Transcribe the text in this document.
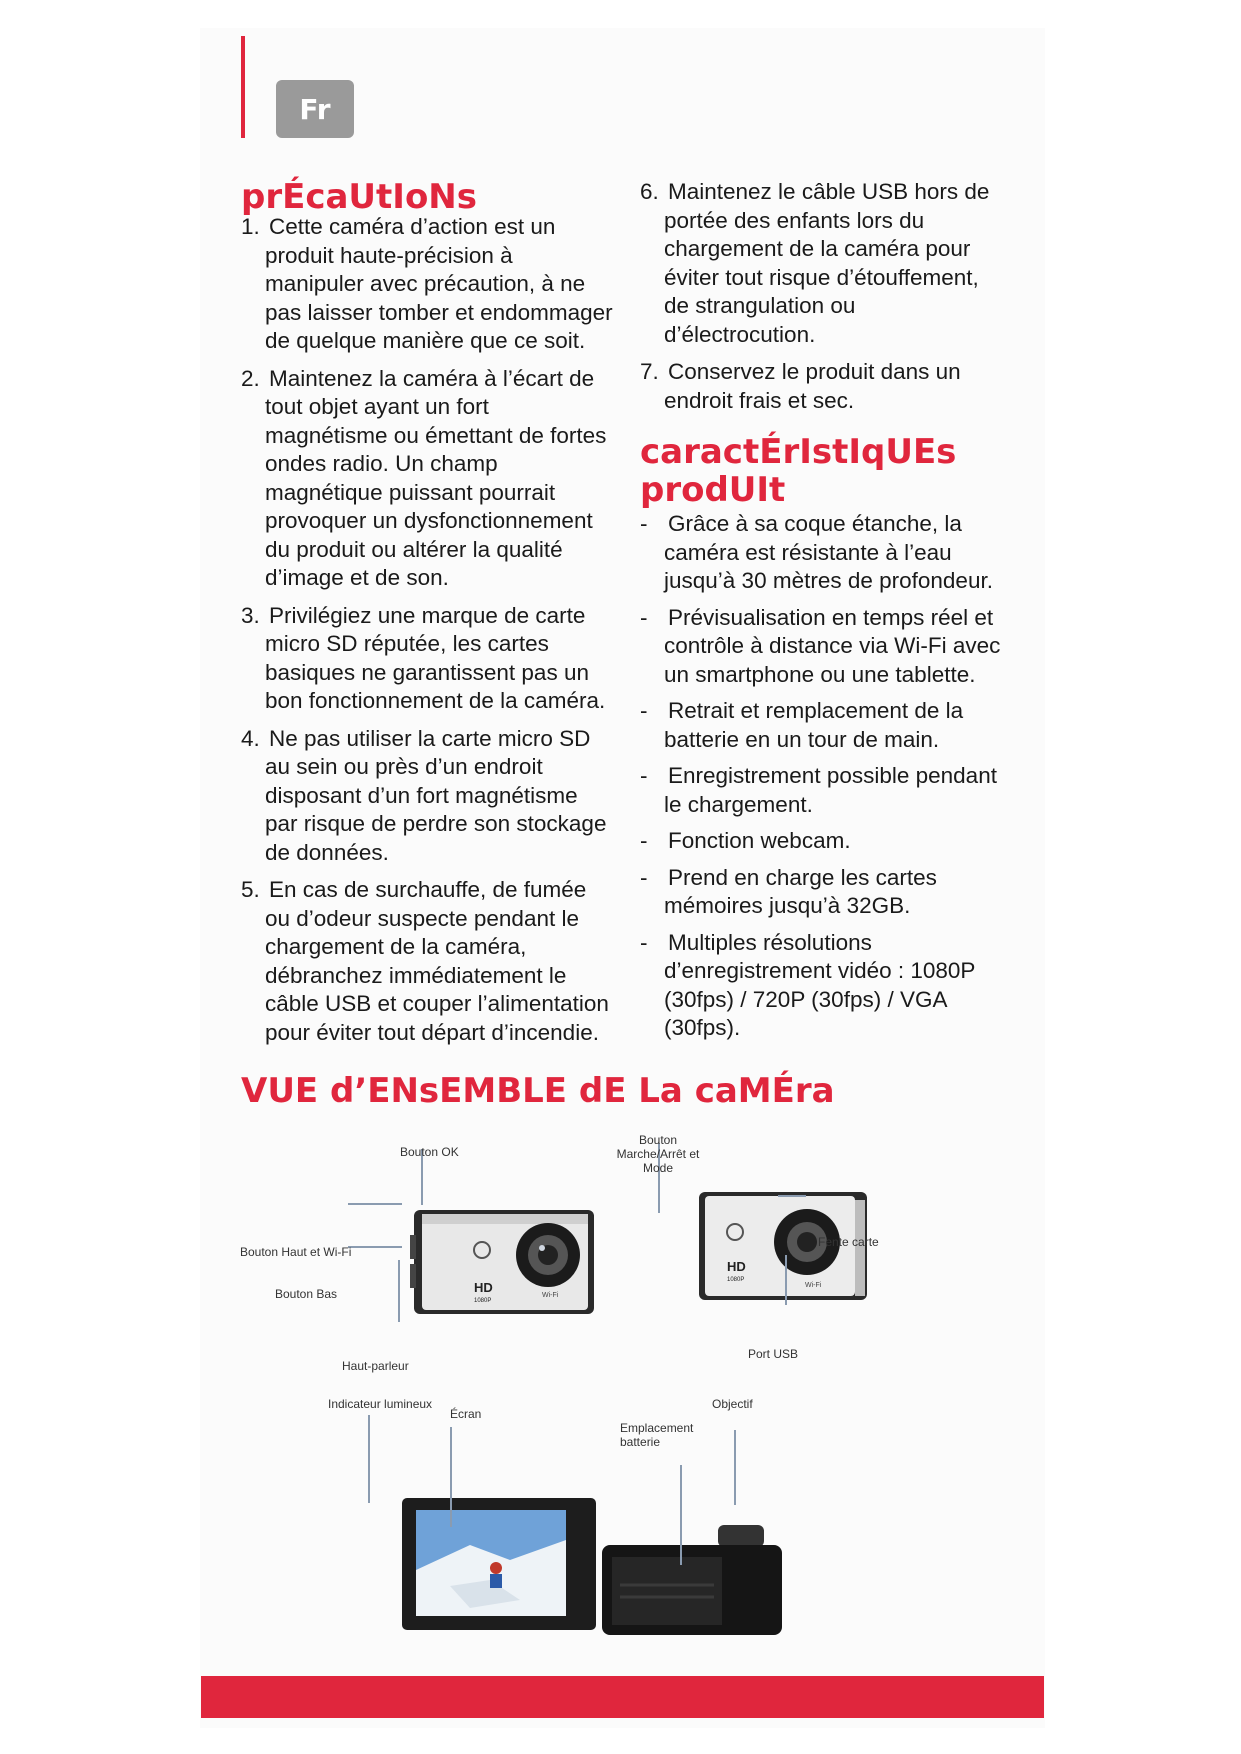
Fr
prÉcaUtIoNs
1. Cette caméra d’action est un produit haute-précision à manipuler avec précaution, à ne pas laisser tomber et endommager de quelque manière que ce soit.
2. Maintenez la caméra à l’écart de tout objet ayant un fort magnétisme ou émettant de fortes ondes radio. Un champ magnétique puissant pourrait provoquer un dysfonctionnement du produit ou altérer la qualité d’image et de son.
3. Privilégiez une marque de carte micro SD réputée, les cartes basiques ne garantissent pas un bon fonctionnement de la caméra.
4. Ne pas utiliser la carte micro SD au sein ou près d’un endroit disposant d’un fort magnétisme par risque de perdre son stockage de données.
5. En cas de surchauffe, de fumée ou d’odeur suspecte pendant le chargement de la caméra, débranchez immédiatement le câble USB et couper l’alimentation pour éviter tout départ d’incendie.
6. Maintenez le câble USB hors de portée des enfants lors du chargement de la caméra pour éviter tout risque d’étouffement, de strangulation ou d’électrocution.
7. Conservez le produit dans un endroit frais et sec.
caractÉrIstIqUEs
prodUIt
- Grâce à sa coque étanche, la caméra est résistante à l’eau jusqu’à 30 mètres de profondeur.
- Prévisualisation en temps réel et contrôle à distance via Wi-Fi avec un smartphone ou une tablette.
- Retrait et remplacement de la batterie en un tour de main.
- Enregistrement possible pendant le chargement.
- Fonction webcam.
- Prend en charge les cartes mémoires jusqu’à 32GB.
- Multiples résolutions d’enregistrement vidéo : 1080P (30fps) / 720P (30fps) / VGA (30fps).
VUE d’ENsEMBLE dE La caMÉra
HD
1080P
Wi-Fi
HD
1080P
Wi-Fi
Bouton OK
Bouton Marche/Arrêt et Mode
Bouton Haut et Wi-Fi
Bouton Bas
Fente carte
Port USB
Haut-parleur
Indicateur lumineux
Écran
Objectif
Emplacement batterie
